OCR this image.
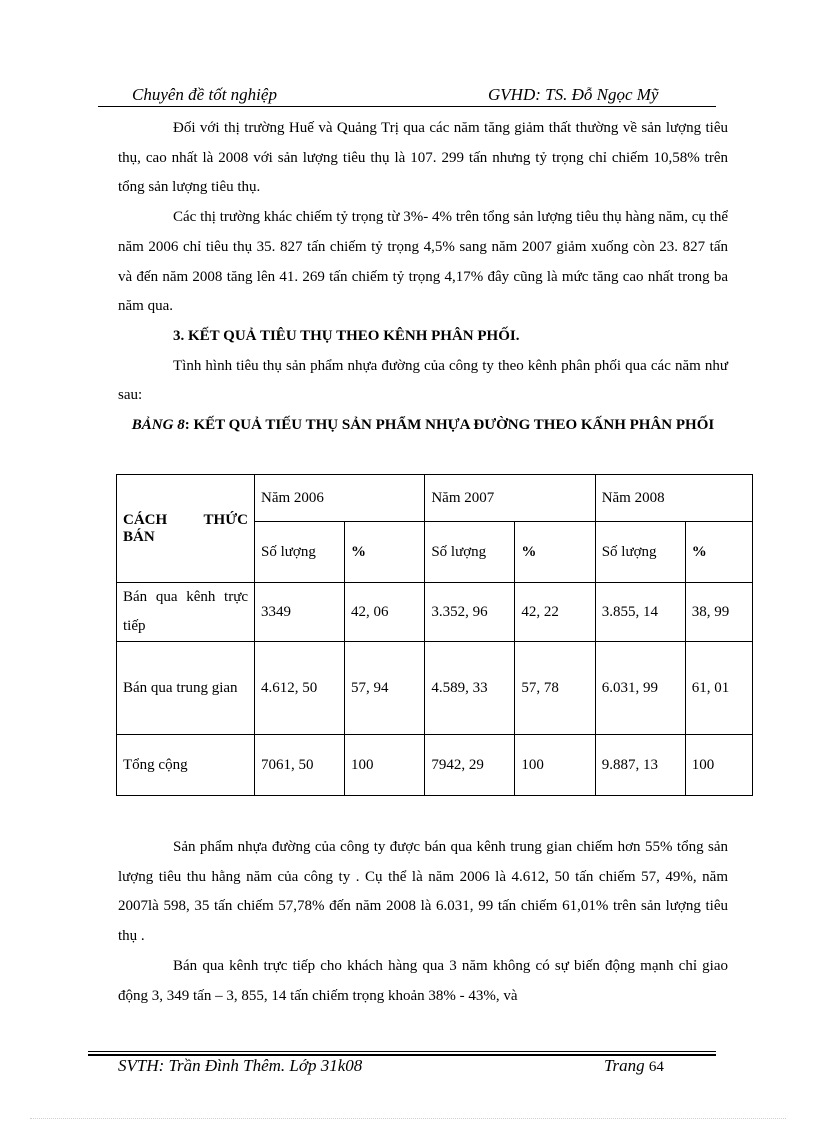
Chuyên đề tốt nghiệp	GVHD: TS. Đỗ Ngọc Mỹ

Đối với thị trường Huế và Quảng Trị qua các năm tăng giảm thất thường về sản lượng tiêu thụ, cao nhất là 2008 với sản lượng tiêu thụ là 107. 299 tấn nhưng tỷ trọng chỉ chiếm 10,58% trên tổng sản lượng tiêu thụ.

Các thị trường khác chiếm tỷ trọng từ 3%- 4% trên tổng sản lượng tiêu thụ hàng năm, cụ thể năm 2006 chỉ tiêu thụ 35. 827 tấn chiếm tỷ trọng 4,5% sang năm 2007 giảm xuống còn 23. 827 tấn và đến năm 2008 tăng lên 41. 269 tấn chiếm tỷ trọng 4,17% đây cũng là mức tăng cao nhất trong ba năm qua.

3. KẾT QUẢ TIÊU THỤ THEO KÊNH PHÂN PHỐI.

Tình hình tiêu thụ sản phẩm nhựa đường của công ty theo kênh phân phối qua các năm như sau:

BẢNG 8: KẾT QUẢ TIẾU THỤ SẢN PHẨM NHỰA ĐƯỜNG THEO KẤNH PHÂN PHỐI

CÁCH THỨC BÁN	Năm 2006		Năm 2007		Năm 2008	
	Số lượng	%	Số lượng	%	Số lượng	%
Bán qua kênh trực tiếp	3349	42, 06	3.352, 96	42, 22	3.855, 14	38, 99
Bán qua trung gian	4.612, 50	57, 94	4.589, 33	57, 78	6.031, 99	61, 01
Tổng cộng	7061, 50	100	7942, 29	100	9.887, 13	100

Sản phẩm nhựa đường của công ty được bán qua kênh trung gian chiếm hơn 55% tổng sản lượng tiêu thu hằng năm của công ty . Cụ thể là năm 2006 là 4.612, 50 tấn chiếm 57, 49%, năm 2007là 598, 35 tấn chiếm 57,78% đến năm 2008 là 6.031, 99 tấn chiếm 61,01% trên sản lượng tiêu thụ .

Bán qua kênh trực tiếp cho khách hàng qua 3 năm không có sự biến động mạnh chỉ giao động 3, 349 tấn – 3, 855, 14 tấn chiếm trọng khoản 38% - 43%, và

SVTH: Trần Đình Thêm. Lớp 31k08	Trang 64
